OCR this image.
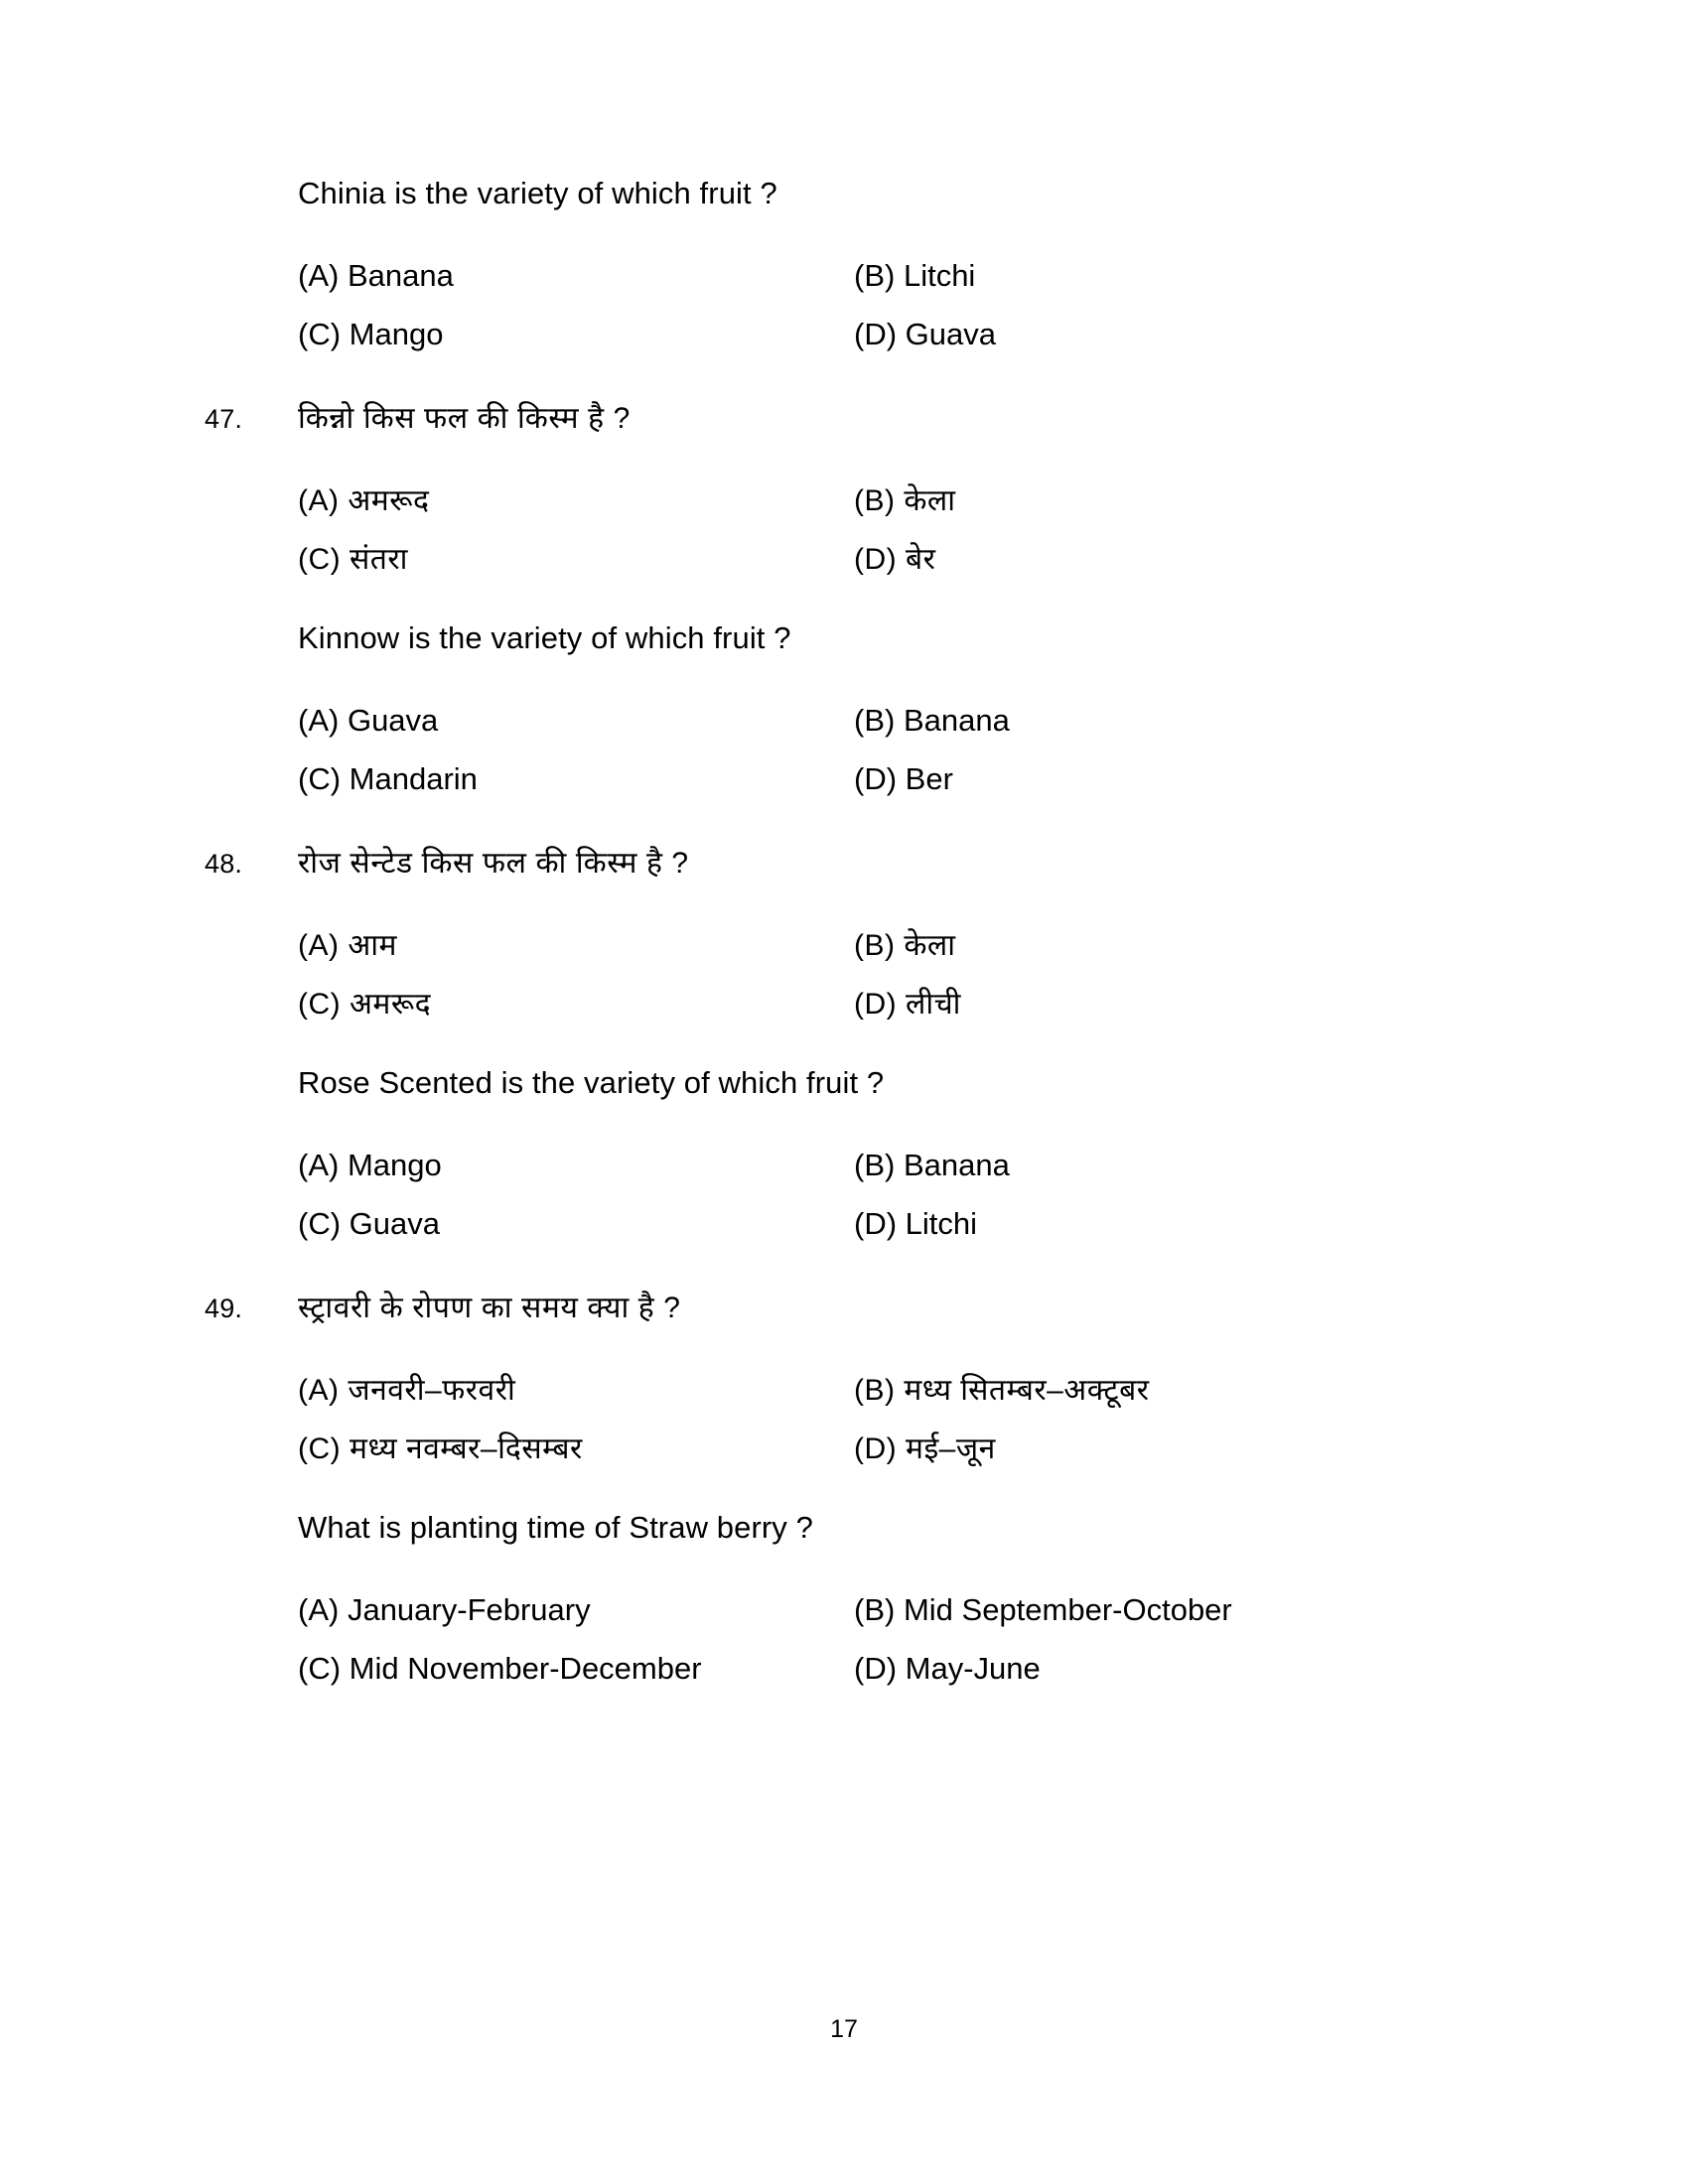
Chinia is the variety of which fruit ?
(A) Banana	(B) Litchi
(C) Mango	(D) Guava
47.	किन्नो किस फल की किस्म है ?
(A) अमरूद	(B) केला
(C) संतरा	(D) बेर
Kinnow is the variety of which fruit ?
(A) Guava	(B) Banana
(C) Mandarin	(D) Ber
48.	रोज सेन्टेड किस फल की किस्म है ?
(A) आम	(B) केला
(C) अमरूद	(D) लीची
Rose Scented is the variety of which fruit ?
(A) Mango	(B) Banana
(C) Guava	(D) Litchi
49.	स्ट्रावरी के रोपण का समय क्या है ?
(A) जनवरी–फरवरी	(B) मध्य सितम्बर–अक्टूबर
(C) मध्य नवम्बर–दिसम्बर	(D) मई–जून
What is planting time of Straw berry ?
(A) January-February	(B) Mid September-October
(C) Mid November-December	(D) May-June
17
